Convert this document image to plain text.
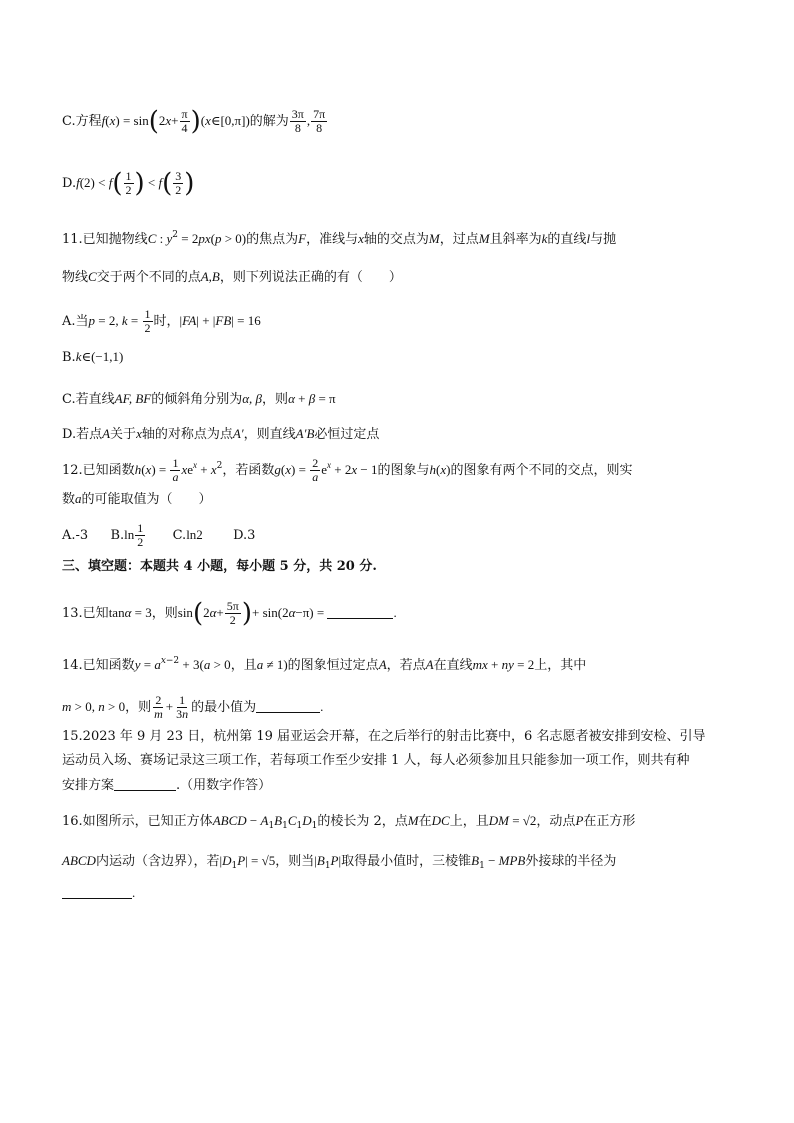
C.方程$f(x) = \sin(2x+ \frac{\pi}{4}$ )(x∈[0,π])的解为 $\frac{3\pi}{8}$ , $\frac{7\pi}{8}$
$D.f(2) < f( \frac{1}{2}$ ) < $f( \frac{3}{2}$ )
11.已知抛物线C : $y^2 = 2px(p > 0)$的焦点为F，准线与x轴的交点为M，过点M且斜率为k的直线l与抛
物线C交于两个不同的点A,B，则下列说法正确的有（　　）
A.当p = 2, $k = \frac{1}{2}$ 时，|FA| + |FB| = 16
B.k∈(−1,1)
C.若直线AF, BF的倾斜角分别为α, β，则α + β = π
D.若点A关于x轴的对称点为点A′，则直线A′B必恒过定点
12.已知函数$h(x) = \frac{1}{a} xe^x + x^2$，若函数$g(x) = \frac{2}{a} e^x + 2x - 1$的图象与h(x)的图象有两个不同的交点，则实
数a的可能取值为（　　）
A.-3 $B.\ln \frac{1}{2} C.\ln 2$ D.3
三、填空题：本题共 4 小题，每小题 5 分，共 20 分.
13.已知tanα = 3，则$\sin(2\alpha+ \frac{5\pi}{2}$ )+ sin(2α−π) =	.
14.已知函数$y = a^{x-2} + 3(a > 0$，且a ≠ 1)的图象恒过定点A，若点A在直线mx + ny = 2上，其中
m > 0, n > 0，则 $\frac{2}{m} + \frac{1}{3n}$ 的最小值为	.
15.2023 年 9 月 23 日，杭州第 19 届亚运会开幕，在之后举行的射击比赛中，6 名志愿者被安排到安检、引导
运动员入场、赛场记录这三项工作，若每项工作至少安排 1 人，每人必须参加且只能参加一项工作，则共有种
安排方案	.（用数字作答）
16.如图所示，已知正方体ABCD − $A_1B_1C_1D_1$的棱长为 2，点M在DC上，且DM = √2，动点P在正方形
ABCD内运动（含边界），若$|D_1P| = √5$，则当$|B_1P|$取得最小值时，三棱锥$B_1$ − MPB外接球的半径为
.
